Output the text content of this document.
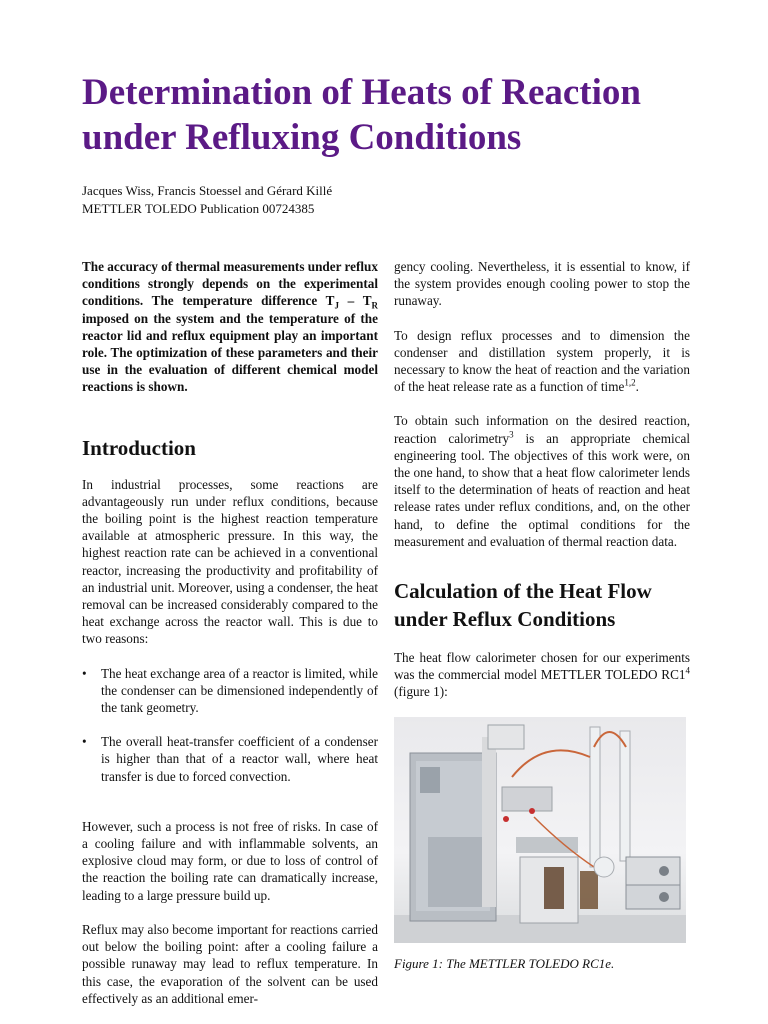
Determination of Heats of Reaction
under Refluxing Conditions
Jacques Wiss, Francis Stoessel and Gérard Killé
METTLER TOLEDO Publication 00724385

The accuracy of thermal measurements under reflux conditions strongly depends on the experimental conditions. The temperature difference $T_J - T_R$ imposed on the system and the temperature of the reactor lid and reflux equipment play an important role. The optimization of these parameters and their use in the evaluation of different chemical model reactions is shown.

Introduction

In industrial processes, some reactions are advantageously run under reflux conditions, because the boiling point is the highest reaction temperature available at atmospheric pressure. In this way, the highest reaction rate can be achieved in a conventional reactor, increasing the productivity and profitability of an industrial unit. Moreover, using a condenser, the heat removal can be increased considerably compared to the heat exchange across the reactor wall. This is due to two reasons:

• The heat exchange area of a reactor is limited, while the condenser can be dimensioned independently of the tank geometry.

• The overall heat-transfer coefficient of a condenser is higher than that of a reactor wall, where heat transfer is due to forced convection.

However, such a process is not free of risks. In case of a cooling failure and with inflammable solvents, an explosive cloud may form, or due to loss of control of the reaction the boiling rate can dramatically increase, leading to a large pressure build up.

Reflux may also become important for reactions carried out below the boiling point: after a cooling failure a possible runaway may lead to reflux temperature. In this case, the evaporation of the solvent can be used effectively as an additional emer-

gency cooling. Nevertheless, it is essential to know, if the system provides enough cooling power to stop the runaway.

To design reflux processes and to dimension the condenser and distillation system properly, it is necessary to know the heat of reaction and the variation of the heat release rate as a function of time$^{1,2}$.

To obtain such information on the desired reaction, reaction calorimetry$^3$ is an appropriate chemical engineering tool. The objectives of this work were, on the one hand, to show that a heat flow calorimeter lends itself to the determination of heats of reaction and heat release rates under reflux conditions, and, on the other hand, to define the optimal conditions for the measurement and evaluation of thermal reaction data.

Calculation of the Heat Flow under Reflux Conditions

The heat flow calorimeter chosen for our experiments was the commercial model METTLER TOLEDO $RC1^4$ (figure 1):

Figure 1: The METTLER TOLEDO RC1e.
